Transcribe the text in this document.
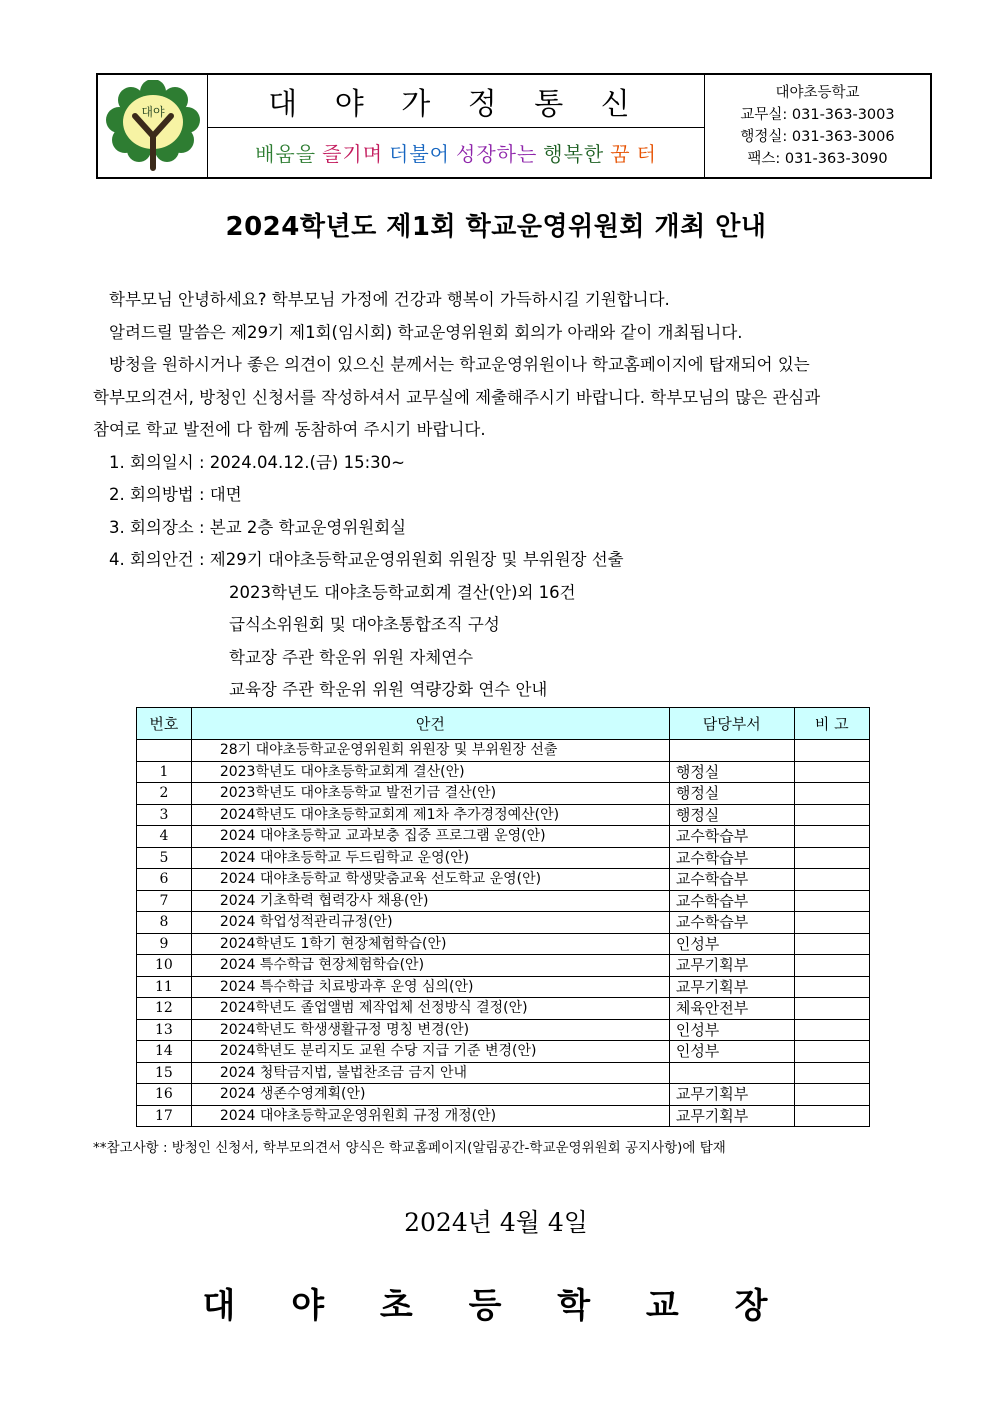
대야	대 야 가 정 통 신
배움을 즐기며 더불어 성장하는 행복한 꿈 터
대야초등학교
교무실: 031-363-3003
행정실: 031-363-3006
팩스: 031-363-3090
2024학년도 제1회 학교운영위원회 개최 안내

학부모님 안녕하세요? 학부모님 가정에 건강과 행복이 가득하시길 기원합니다.

알려드릴 말씀은 제29기 제1회(임시회) 학교운영위원회 회의가 아래와 같이 개최됩니다.

방청을 원하시거나 좋은 의견이 있으신 분께서는 학교운영위원이나 학교홈페이지에 탑재되어 있는

학부모의견서, 방청인 신청서를 작성하셔서 교무실에 제출해주시기 바랍니다. 학부모님의 많은 관심과

참여로 학교 발전에 다 함께 동참하여 주시기 바랍니다.

1. 회의일시 : 2024.04.12.(금) 15:30~

2. 회의방법 : 대면

3. 회의장소 : 본교 2층 학교운영위원회실

4. 회의안건 : 제29기 대야초등학교운영위원회 위원장 및 부위원장 선출

2023학년도 대야초등학교회계 결산(안)외 16건

급식소위원회 및 대야초통합조직 구성

학교장 주관 학운위 위원 자체연수

교육장 주관 학운위 위원 역량강화 연수 안내

번호	안건	담당부서	비 고
	28기 대야초등학교운영위원회 위원장 및 부위원장 선출		
1	2023학년도 대야초등학교회계 결산(안)	행정실	
2	2023학년도 대야초등학교 발전기금 결산(안)	행정실	
3	2024학년도 대야초등학교회계 제1차 추가경정예산(안)	행정실	
4	2024 대야초등학교 교과보충 집중 프로그램 운영(안)	교수학습부	
5	2024 대야초등학교 두드림학교 운영(안)	교수학습부	
6	2024 대야초등학교 학생맞춤교육 선도학교 운영(안)	교수학습부	
7	2024 기초학력 협력강사 채용(안)	교수학습부	
8	2024 학업성적관리규정(안)	교수학습부	
9	2024학년도 1학기 현장체험학습(안)	인성부	
10	2024 특수학급 현장체험학습(안)	교무기획부	
11	2024 특수학급 치료방과후 운영 심의(안)	교무기획부	
12	2024학년도 졸업앨범 제작업체 선정방식 결정(안)	체육안전부	
13	2024학년도 학생생활규정 명칭 변경(안)	인성부	
14	2024학년도 분리지도 교원 수당 지급 기준 변경(안)	인성부	
15	2024 청탁금지법, 불법찬조금 금지 안내		
16	2024 생존수영계획(안)	교무기획부	
17	2024 대야초등학교운영위원회 규정 개정(안)	교무기획부	
**참고사항 : 방청인 신청서, 학부모의견서 양식은 학교홈페이지(알림공간-학교운영위원회 공지사항)에 탑재
2024년 4월 4일
대 야 초 등 학 교 장
